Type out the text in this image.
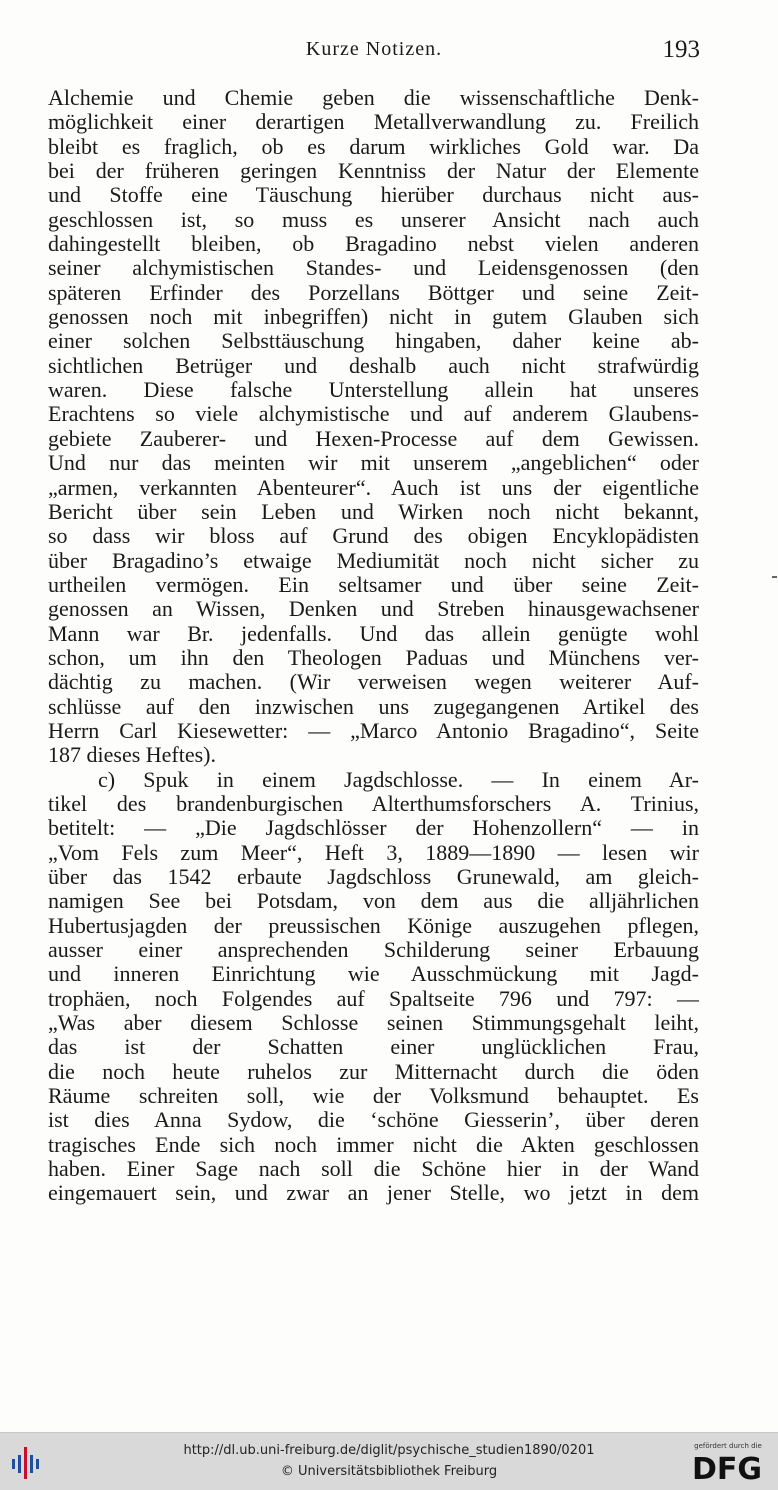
Kurze Notizen.	193
Alchemie und Chemie geben die wissenschaftliche Denk-
möglichkeit einer derartigen Metallverwandlung zu. Freilich
bleibt es fraglich, ob es darum wirkliches Gold war. Da
bei der früheren geringen Kenntniss der Natur der Elemente
und Stoffe eine Täuschung hierüber durchaus nicht aus-
geschlossen ist, so muss es unserer Ansicht nach auch
dahingestellt bleiben, ob Bragadino nebst vielen anderen
seiner alchymistischen Standes- und Leidensgenossen (den
späteren Erfinder des Porzellans Böttger und seine Zeit-
genossen noch mit inbegriffen) nicht in gutem Glauben sich
einer solchen Selbsttäuschung hingaben, daher keine ab-
sichtlichen Betrüger und deshalb auch nicht strafwürdig
waren. Diese falsche Unterstellung allein hat unseres
Erachtens so viele alchymistische und auf anderem Glaubens-
gebiete Zauberer- und Hexen-Processe auf dem Gewissen.
Und nur das meinten wir mit unserem „angeblichen“ oder
„armen, verkannten Abenteurer“. Auch ist uns der eigentliche
Bericht über sein Leben und Wirken noch nicht bekannt,
so dass wir bloss auf Grund des obigen Encyklopädisten
über Bragadino’s etwaige Mediumität noch nicht sicher zu
urtheilen vermögen. Ein seltsamer und über seine Zeit-
genossen an Wissen, Denken und Streben hinausgewachsener
Mann war Br. jedenfalls. Und das allein genügte wohl
schon, um ihn den Theologen Paduas und Münchens ver-
dächtig zu machen. (Wir verweisen wegen weiterer Auf-
schlüsse auf den inzwischen uns zugegangenen Artikel des
Herrn Carl Kiesewetter: — „Marco Antonio Bragadino“, Seite
187 dieses Heftes).
c) Spuk in einem Jagdschlosse. — In einem Ar-
tikel des brandenburgischen Alterthumsforschers A. Trinius,
betitelt: — „Die Jagdschlösser der Hohenzollern“ — in
„Vom Fels zum Meer“, Heft 3, 1889—1890 — lesen wir
über das 1542 erbaute Jagdschloss Grunewald, am gleich-
namigen See bei Potsdam, von dem aus die alljährlichen
Hubertusjagden der preussischen Könige auszugehen pflegen,
ausser einer ansprechenden Schilderung seiner Erbauung
und inneren Einrichtung wie Ausschmückung mit Jagd-
trophäen, noch Folgendes auf Spaltseite 796 und 797: —
„Was aber diesem Schlosse seinen Stimmungsgehalt leiht,
das ist der Schatten einer unglücklichen Frau,
die noch heute ruhelos zur Mitternacht durch die öden
Räume schreiten soll, wie der Volksmund behauptet. Es
ist dies Anna Sydow, die ‘schöne Giesserin’, über deren
tragisches Ende sich noch immer nicht die Akten geschlossen
haben. Einer Sage nach soll die Schöne hier in der Wand
eingemauert sein, und zwar an jener Stelle, wo jetzt in dem
http://dl.ub.uni-freiburg.de/diglit/psychische_studien1890/0201
© Universitätsbibliothek Freiburg
gefördert durch die
DFG
